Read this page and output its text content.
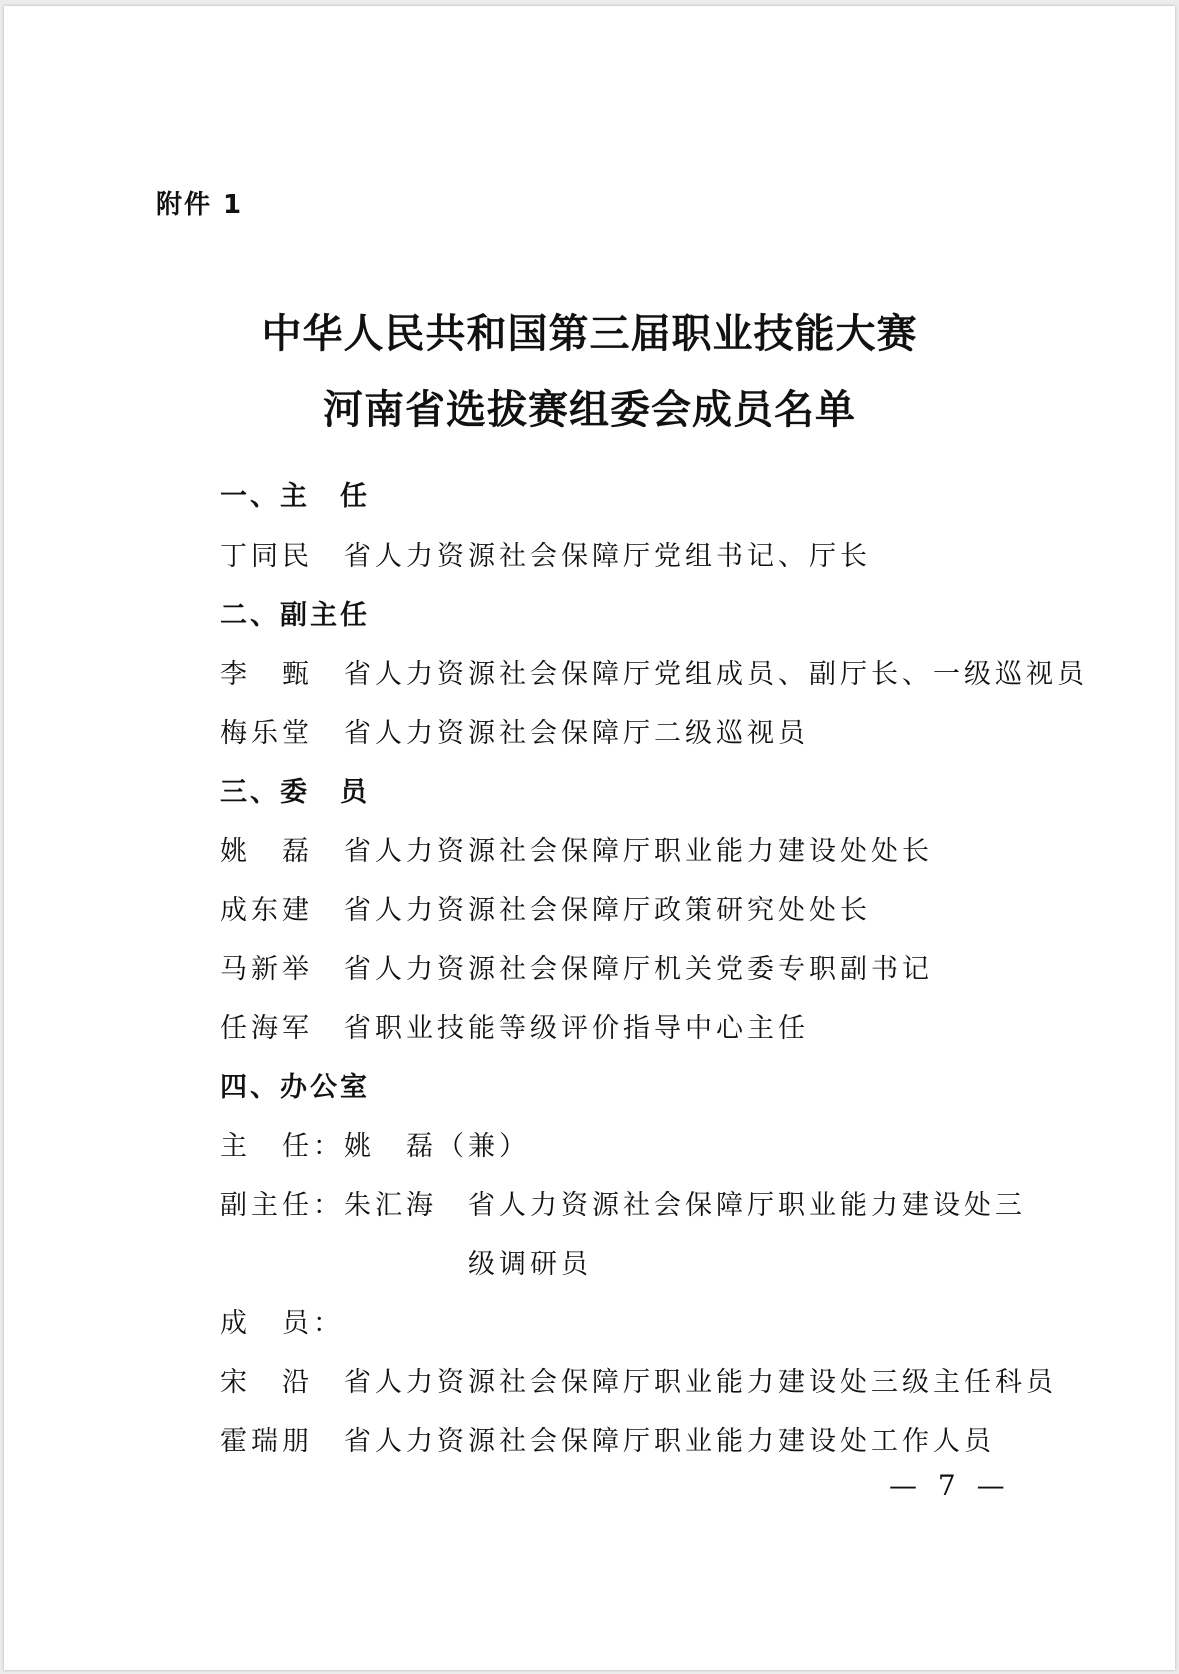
附件 1
中华人民共和国第三届职业技能大赛
河南省选拔赛组委会成员名单
一、主　任
丁同民 省人力资源社会保障厅党组书记、厅长
二、副主任
李　甄 省人力资源社会保障厅党组成员、副厅长、一级巡视员
梅乐堂 省人力资源社会保障厅二级巡视员
三、委　员
姚　磊 省人力资源社会保障厅职业能力建设处处长
成东建 省人力资源社会保障厅政策研究处处长
马新举 省人力资源社会保障厅机关党委专职副书记
任海军 省职业技能等级评价指导中心主任
四、办公室
主　任：姚　磊（兼）
副主任：朱汇海 省人力资源社会保障厅职业能力建设处三
级调研员
成　员：
宋　沿 省人力资源社会保障厅职业能力建设处三级主任科员
霍瑞朋 省人力资源社会保障厅职业能力建设处工作人员
— 7 —
